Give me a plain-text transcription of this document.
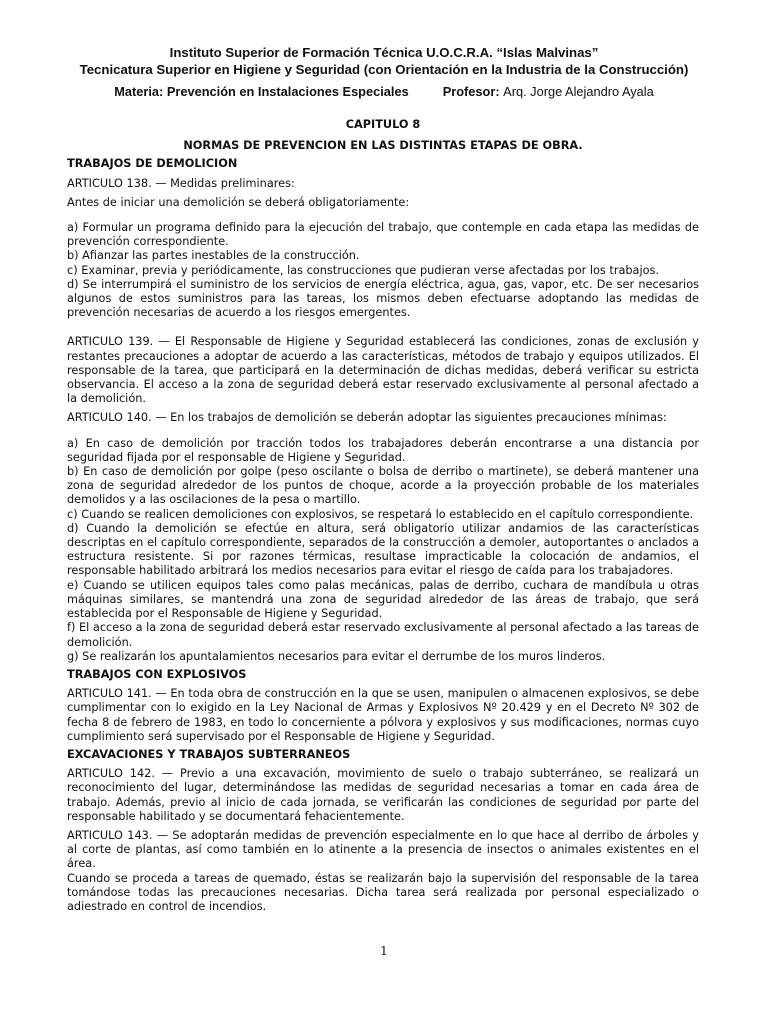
Instituto Superior de Formación Técnica U.O.C.R.A. “Islas Malvinas”
Tecnicatura Superior en Higiene y Seguridad (con Orientación en la Industria de la Construcción)
Materia: Prevención en Instalaciones Especiales	Profesor: Arq. Jorge Alejandro Ayala

CAPITULO 8

NORMAS DE PREVENCION EN LAS DISTINTAS ETAPAS DE OBRA.

TRABAJOS DE DEMOLICION

ARTICULO 138. — Medidas preliminares:

Antes de iniciar una demolición se deberá obligatoriamente:

a) Formular un programa definido para la ejecución del trabajo, que contemple en cada etapa las medidas de prevención correspondiente.

b) Afianzar las partes inestables de la construcción.

c) Examinar, previa y periódicamente, las construcciones que pudieran verse afectadas por los trabajos.

d) Se interrumpirá el suministro de los servicios de energía eléctrica, agua, gas, vapor, etc. De ser necesarios algunos de estos suministros para las tareas, los mismos deben efectuarse adoptando las medidas de prevención necesarias de acuerdo a los riesgos emergentes.

ARTICULO 139. — El Responsable de Higiene y Seguridad establecerá las condiciones, zonas de exclusión y restantes precauciones a adoptar de acuerdo a las características, métodos de trabajo y equipos utilizados. El responsable de la tarea, que participará en la determinación de dichas medidas, deberá verificar su estricta observancia. El acceso a la zona de seguridad deberá estar reservado exclusivamente al personal afectado a la demolición.

ARTICULO 140. — En los trabajos de demolición se deberán adoptar las siguientes precauciones mínimas:

a) En caso de demolición por tracción todos los trabajadores deberán encontrarse a una distancia por seguridad fijada por el responsable de Higiene y Seguridad.

b) En caso de demolición por golpe (peso oscilante o bolsa de derribo o martinete), se deberá mantener una zona de seguridad alrededor de los puntos de choque, acorde a la proyección probable de los materiales demolidos y a las oscilaciones de la pesa o martillo.

c) Cuando se realicen demoliciones con explosivos, se respetará lo establecido en el capítulo correspondiente.

d) Cuando la demolición se efectúe en altura, será obligatorio utilizar andamios de las características descriptas en el capítulo correspondiente, separados de la construcción a demoler, autoportantes o anclados a estructura resistente. Si por razones térmicas, resultase impracticable la colocación de andamios, el responsable habilitado arbitrará los medios necesarios para evitar el riesgo de caída para los trabajadores.

e) Cuando se utilicen equipos tales como palas mecánicas, palas de derribo, cuchara de mandíbula u otras máquinas similares, se mantendrá una zona de seguridad alrededor de las áreas de trabajo, que será establecida por el Responsable de Higiene y Seguridad.

f) El acceso a la zona de seguridad deberá estar reservado exclusivamente al personal afectado a las tareas de demolición.

g) Se realizarán los apuntalamientos necesarios para evitar el derrumbe de los muros linderos.

TRABAJOS CON EXPLOSIVOS

ARTICULO 141. — En toda obra de construcción en la que se usen, manipulen o almacenen explosivos, se debe cumplimentar con lo exigido en la Ley Nacional de Armas y Explosivos Nº 20.429 y en el Decreto Nº 302 de fecha 8 de febrero de 1983, en todo lo concerniente a pólvora y explosivos y sus modificaciones, normas cuyo cumplimiento será supervisado por el Responsable de Higiene y Seguridad.

EXCAVACIONES Y TRABAJOS SUBTERRANEOS

ARTICULO 142. — Previo a una excavación, movimiento de suelo o trabajo subterráneo, se realizará un reconocimiento del lugar, determinándose las medidas de seguridad necesarias a tomar en cada área de trabajo. Además, previo al inicio de cada jornada, se verificarán las condiciones de seguridad por parte del responsable habilitado y se documentará fehacientemente.

ARTICULO 143. — Se adoptarán medidas de prevención especialmente en lo que hace al derribo de árboles y al corte de plantas, así como también en lo atinente a la presencia de insectos o animales existentes en el área.

Cuando se proceda a tareas de quemado, éstas se realizarán bajo la supervisión del responsable de la tarea tomándose todas las precauciones necesarias. Dicha tarea será realizada por personal especializado o adiestrado en control de incendios.

1
